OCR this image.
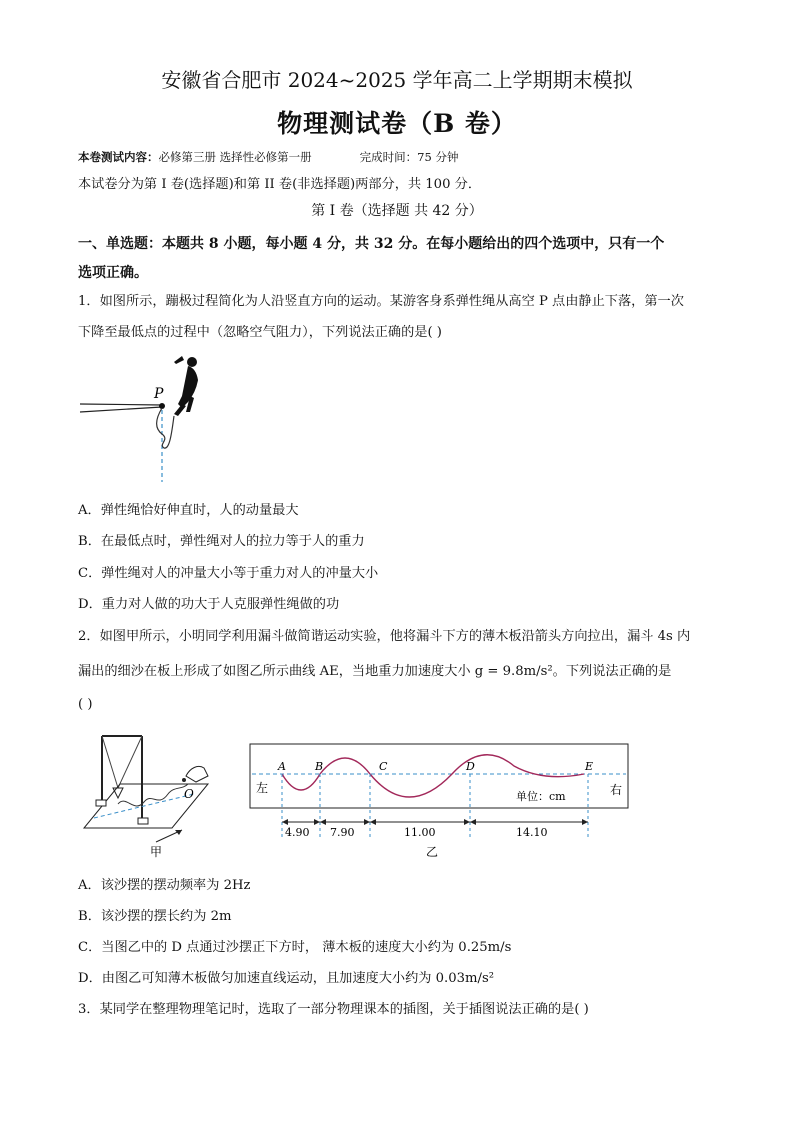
安徽省合肥市 2024~2025 学年高二上学期期末模拟
物理测试卷（B 卷）
本卷测试内容：必修第三册 选择性必修第一册	完成时间：75 分钟
本试卷分为第 I 卷(选择题)和第 II 卷(非选择题)两部分，共 100 分．
第 I 卷（选择题 共 42 分）
一、单选题：本题共 8 小题，每小题 4 分，共 32 分。在每小题给出的四个选项中，只有一个
选项正确。
1．如图所示，蹦极过程简化为人沿竖直方向的运动。某游客身系弹性绳从高空 P 点由静止下落，第一次
下降至最低点的过程中（忽略空气阻力），下列说法正确的是( )
P
A．弹性绳恰好伸直时，人的动量最大
B．在最低点时，弹性绳对人的拉力等于人的重力
C．弹性绳对人的冲量大小等于重力对人的冲量大小
D．重力对人做的功大于人克服弹性绳做的功
2．如图甲所示，小明同学利用漏斗做简谐运动实验，他将漏斗下方的薄木板沿箭头方向拉出，漏斗 4s 内
漏出的细沙在板上形成了如图乙所示曲线 AE，当地重力加速度大小 g = 9.8m/s²。下列说法正确的是
( )
O
甲
A	B	C	D	E
左	右
单位：cm
4.90 7.90	11.00	14.10
乙
A．该沙摆的摆动频率为 2Hz
B．该沙摆的摆长约为 2m
C．当图乙中的 D 点通过沙摆正下方时， 薄木板的速度大小约为 0.25m/s
D．由图乙可知薄木板做匀加速直线运动，且加速度大小约为 0.03m/s²
3．某同学在整理物理笔记时，选取了一部分物理课本的插图，关于插图说法正确的是( )
